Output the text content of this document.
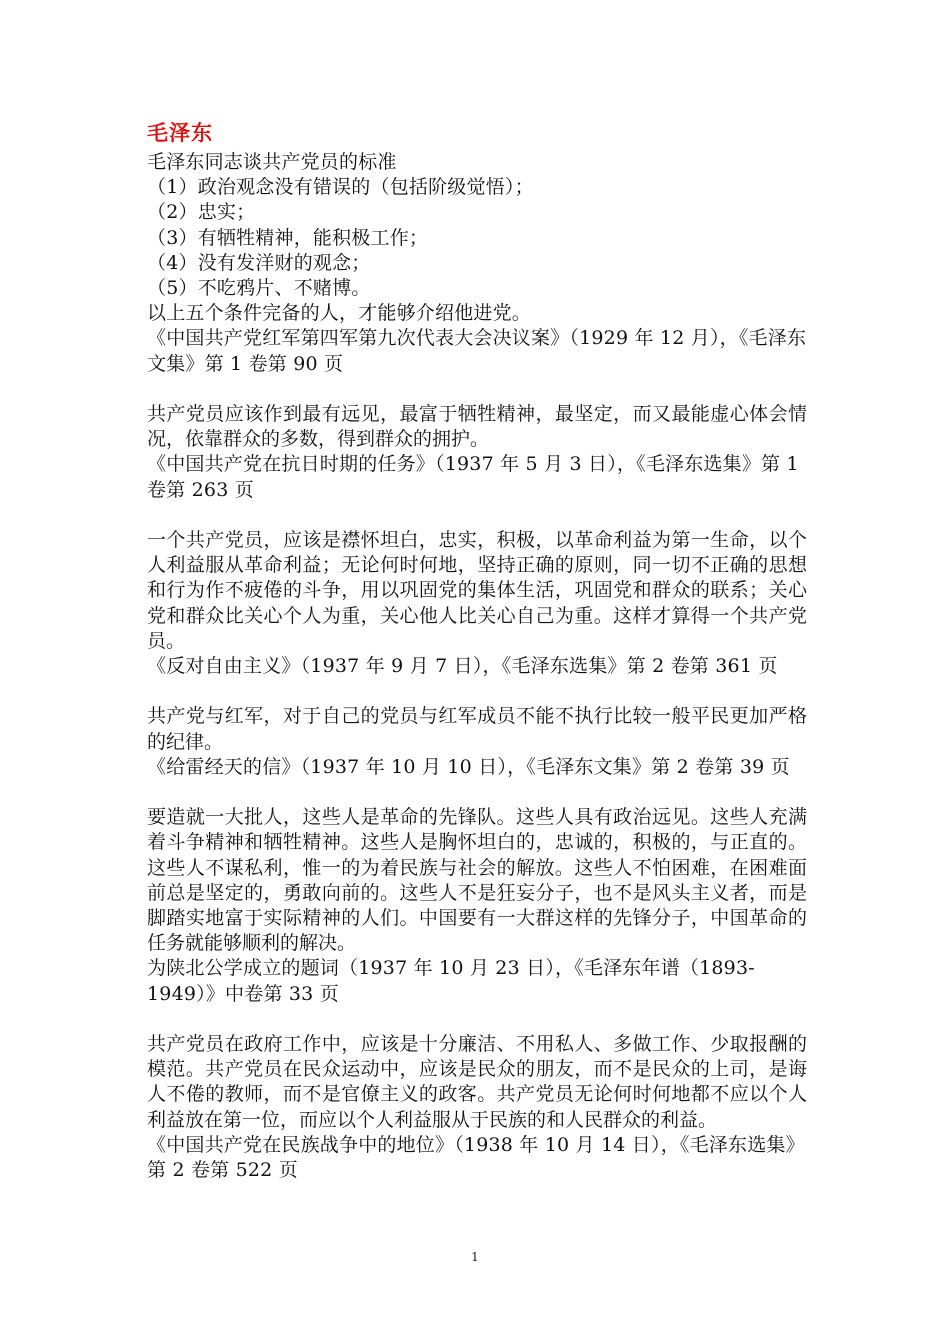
毛泽东
毛泽东同志谈共产党员的标准
（1）政治观念没有错误的（包括阶级觉悟）；
（2）忠实；
（3）有牺牲精神，能积极工作；
（4）没有发洋财的观念；
（5）不吃鸦片、不赌博。
以上五个条件完备的人，才能够介绍他进党。
《中国共产党红军第四军第九次代表大会决议案》（1929 年 12 月），《毛泽东文集》第 1 卷第 90 页
共产党员应该作到最有远见，最富于牺牲精神，最坚定，而又最能虚心体会情况，依靠群众的多数，得到群众的拥护。
《中国共产党在抗日时期的任务》（1937 年 5 月 3 日），《毛泽东选集》第 1 卷第 263 页
一个共产党员，应该是襟怀坦白，忠实，积极，以革命利益为第一生命，以个人利益服从革命利益；无论何时何地，坚持正确的原则，同一切不正确的思想和行为作不疲倦的斗争，用以巩固党的集体生活，巩固党和群众的联系；关心党和群众比关心个人为重，关心他人比关心自己为重。这样才算得一个共产党员。
《反对自由主义》（1937 年 9 月 7 日），《毛泽东选集》第 2 卷第 361 页
共产党与红军，对于自己的党员与红军成员不能不执行比较一般平民更加严格的纪律。
《给雷经天的信》（1937 年 10 月 10 日），《毛泽东文集》第 2 卷第 39 页
要造就一大批人，这些人是革命的先锋队。这些人具有政治远见。这些人充满着斗争精神和牺牲精神。这些人是胸怀坦白的，忠诚的，积极的，与正直的。这些人不谋私利，惟一的为着民族与社会的解放。这些人不怕困难，在困难面前总是坚定的，勇敢向前的。这些人不是狂妄分子，也不是风头主义者，而是脚踏实地富于实际精神的人们。中国要有一大群这样的先锋分子，中国革命的任务就能够顺利的解决。
为陕北公学成立的题词（1937 年 10 月 23 日），《毛泽东年谱（1893-1949）》中卷第 33 页
共产党员在政府工作中，应该是十分廉洁、不用私人、多做工作、少取报酬的模范。共产党员在民众运动中，应该是民众的朋友，而不是民众的上司，是诲人不倦的教师，而不是官僚主义的政客。共产党员无论何时何地都不应以个人利益放在第一位，而应以个人利益服从于民族的和人民群众的利益。
《中国共产党在民族战争中的地位》（1938 年 10 月 14 日），《毛泽东选集》第 2 卷第 522 页
1
